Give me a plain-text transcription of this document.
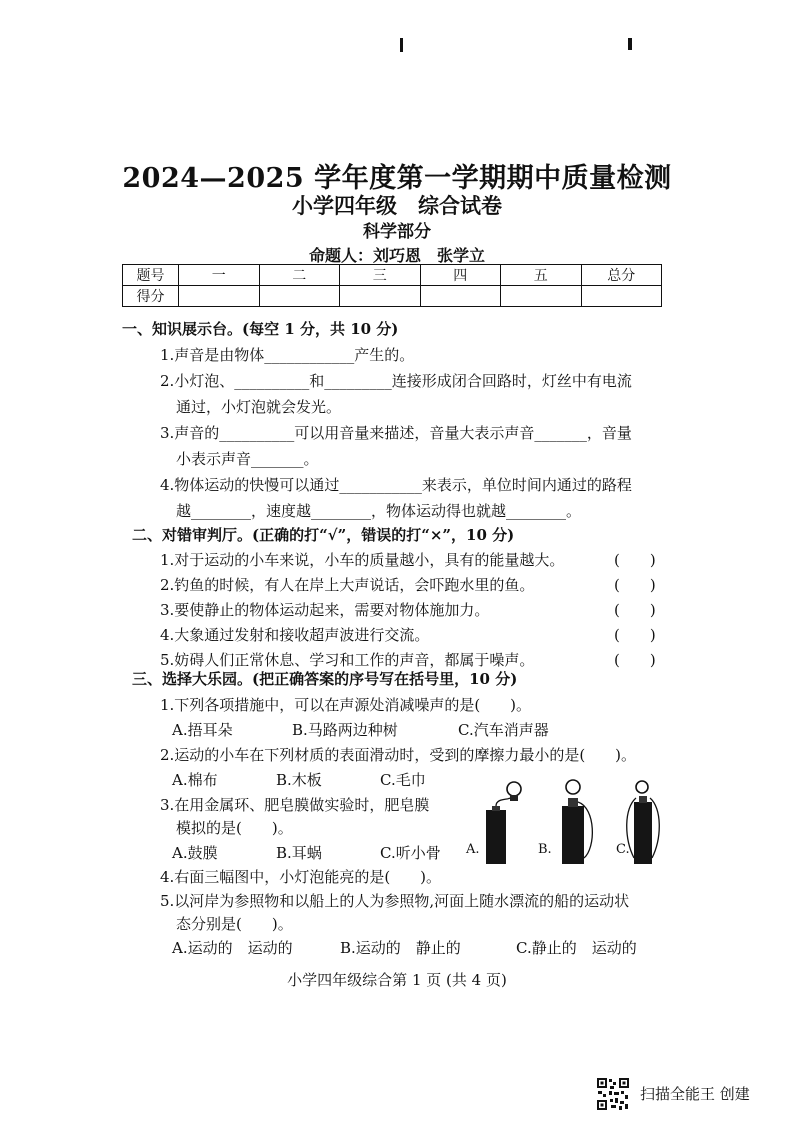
2024—2025 学年度第一学期期中质量检测
小学四年级　综合试卷
科学部分
命题人：刘巧恩　张学立
题号	一	二	三	四	五	总分
得分						
一、知识展示台。(每空 1 分，共 10 分)
1.声音是由物体____________产生的。
2.小灯泡、__________和_________连接形成闭合回路时，灯丝中有电流
通过，小灯泡就会发光。
3.声音的__________可以用音量来描述，音量大表示声音_______，音量
小表示声音_______。
4.物体运动的快慢可以通过___________来表示，单位时间内通过的路程
越________，速度越________，物体运动得也就越________。
二、对错审判厅。(正确的打“√”，错误的打“×”，10 分)
1.对于运动的小车来说，小车的质量越小，具有的能量越大。	(　　)
2.钓鱼的时候，有人在岸上大声说话，会吓跑水里的鱼。	(　　)
3.要使静止的物体运动起来，需要对物体施加力。	(　　)
4.大象通过发射和接收超声波进行交流。	(　　)
5.妨碍人们正常休息、学习和工作的声音，都属于噪声。	(　　)
三、选择大乐园。(把正确答案的序号写在括号里，10 分)
1.下列各项措施中，可以在声源处消减噪声的是(　　)。
A.捂耳朵	B.马路两边种树	C.汽车消声器
2.运动的小车在下列材质的表面滑动时，受到的摩擦力最小的是(　　)。
A.棉布	B.木板	C.毛巾
3.在用金属环、肥皂膜做实验时，肥皂膜
模拟的是(　　)。
A.鼓膜	B.耳蜗	C.听小骨
4.右面三幅图中，小灯泡能亮的是(　　)。
A.	B.	C.
5.以河岸为参照物和以船上的人为参照物,河面上随水漂流的船的运动状
态分别是(　　)。
A.运动的　运动的	B.运动的　静止的	C.静止的　运动的
小学四年级综合第 1 页 (共 4 页)
扫描全能王 创建
